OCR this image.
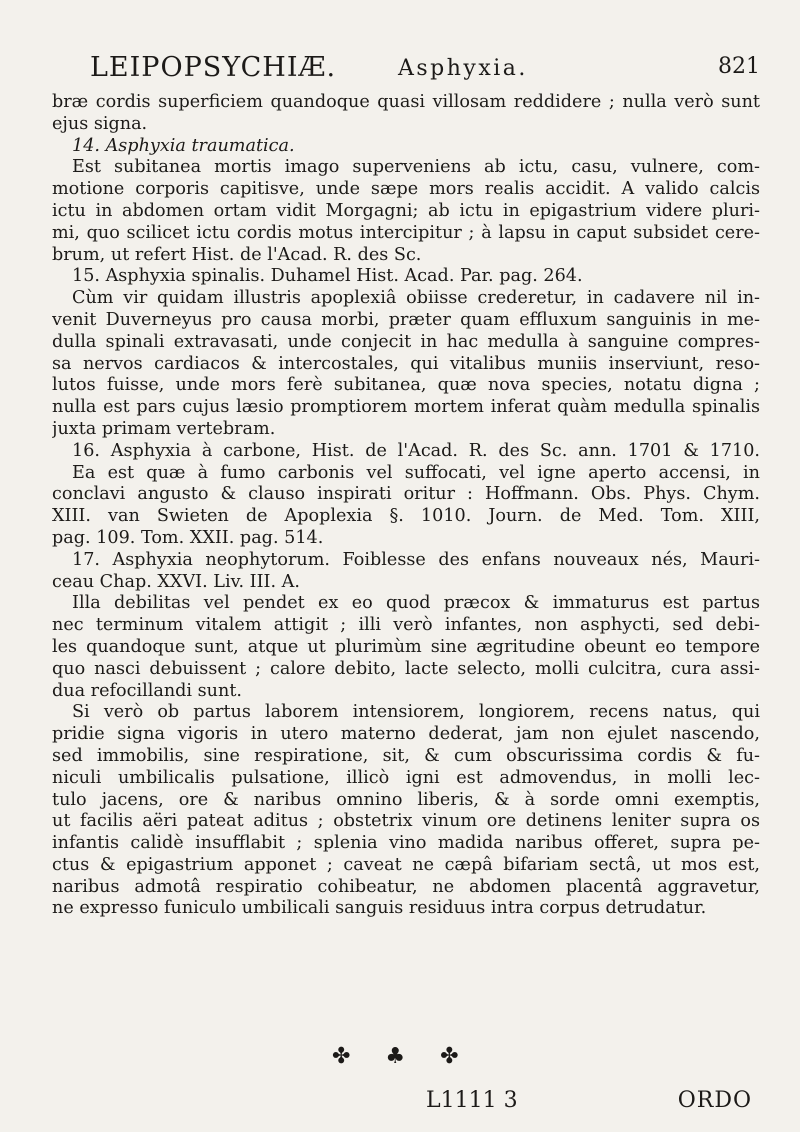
LEIPOPSYCHIÆ.	Asphyxia.	821
bræ cordis superficiem quandoque quasi villosam reddidere ; nulla verò sunt
ejus signa.
14. Asphyxia traumatica.
Est subitanea mortis imago superveniens ab ictu, casu, vulnere, com-
motione corporis capitisve, unde sæpe mors realis accidit. A valido calcis
ictu in abdomen ortam vidit Morgagni; ab ictu in epigastrium videre pluri-
mi, quo scilicet ictu cordis motus intercipitur ; à lapsu in caput subsidet cere-
brum, ut refert Hist. de l'Acad. R. des Sc.
15. Asphyxia spinalis. Duhamel Hist. Acad. Par. pag. 264.
Cùm vir quidam illustris apoplexiâ obiisse crederetur, in cadavere nil in-
venit Duverneyus pro causa morbi, præter quam effluxum sanguinis in me-
dulla spinali extravasati, unde conjecit in hac medulla à sanguine compres-
sa nervos cardiacos & intercostales, qui vitalibus muniis inserviunt, reso-
lutos fuisse, unde mors ferè subitanea, quæ nova species, notatu digna ;
nulla est pars cujus læsio promptiorem mortem inferat quàm medulla spinalis
juxta primam vertebram.
16. Asphyxia à carbone, Hist. de l'Acad. R. des Sc. ann. 1701 & 1710.
Ea est quæ à fumo carbonis vel suffocati, vel igne aperto accensi, in
conclavi angusto & clauso inspirati oritur : Hoffmann. Obs. Phys. Chym.
XIII. van Swieten de Apoplexia §. 1010. Journ. de Med. Tom. XIII,
pag. 109. Tom. XXII. pag. 514.
17. Asphyxia neophytorum. Foiblesse des enfans nouveaux nés, Mauri-
ceau Chap. XXVI. Liv. III. A.
Illa debilitas vel pendet ex eo quod præcox & immaturus est partus
nec terminum vitalem attigit ; illi verò infantes, non asphycti, sed debi-
les quandoque sunt, atque ut plurimùm sine ægritudine obeunt eo tempore
quo nasci debuissent ; calore debito, lacte selecto, molli culcitra, cura assi-
dua refocillandi sunt.
Si verò ob partus laborem intensiorem, longiorem, recens natus, qui
pridie signa vigoris in utero materno dederat, jam non ejulet nascendo,
sed immobilis, sine respiratione, sit, & cum obscurissima cordis & fu-
niculi umbilicalis pulsatione, illicò igni est admovendus, in molli lec-
tulo jacens, ore & naribus omnino liberis, & à sorde omni exemptis,
ut facilis aëri pateat aditus ; obstetrix vinum ore detinens leniter supra os
infantis calidè insufflabit ; splenia vino madida naribus offeret, supra pe-
ctus & epigastrium apponet ; caveat ne cæpâ bifariam sectâ, ut mos est,
naribus admotâ respiratio cohibeatur, ne abdomen placentâ aggravetur,
ne expresso funiculo umbilicali sanguis residuus intra corpus detrudatur.
✤ ♣ ✤
L1111 3	ORDO
